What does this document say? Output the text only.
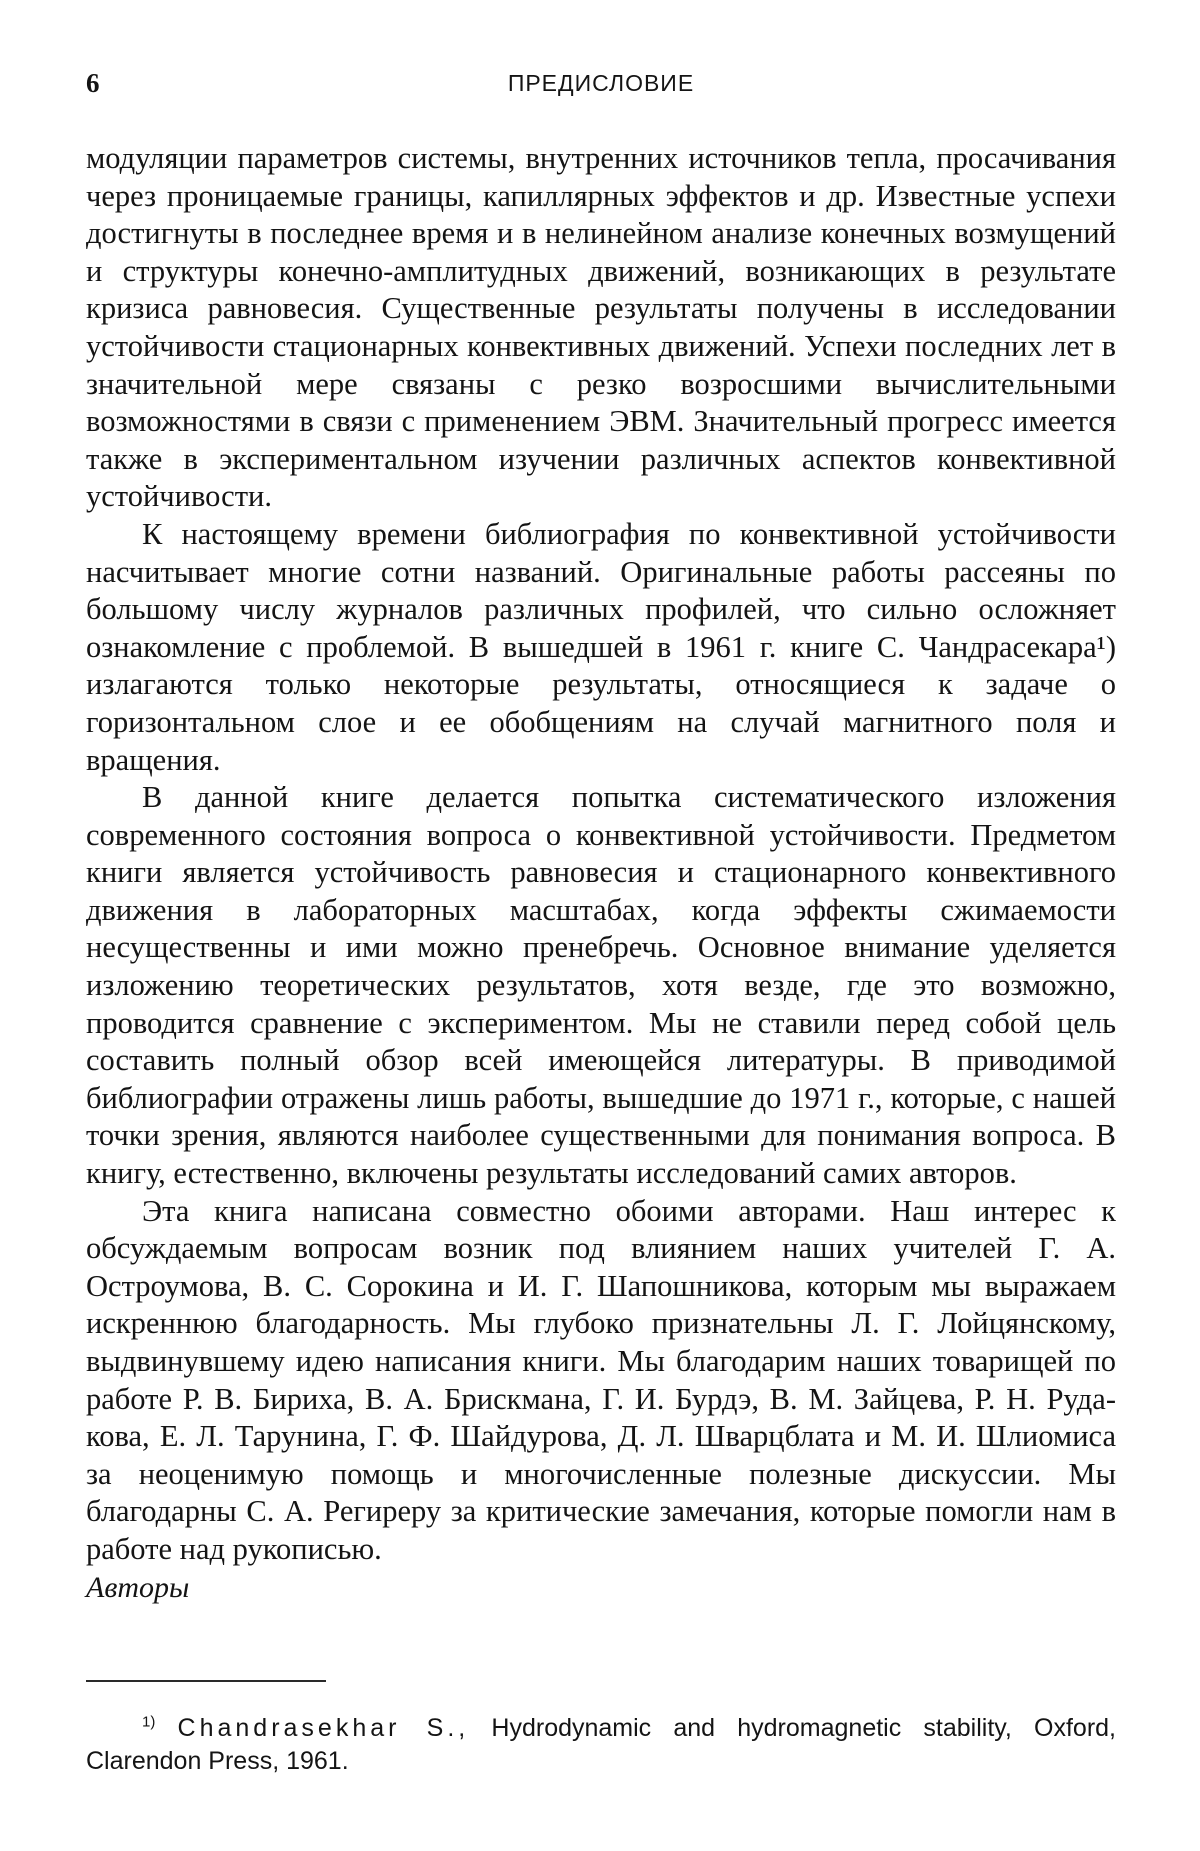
6	ПРЕДИСЛОВИЕ

модуляции параметров системы, внутренних источников тепла, просачивания через проницаемые границы, капиллярных эффектов и др. Известные успехи достигнуты в последнее время и в нелинейном анализе конечных возмущений и структуры конечно-амплитудных движений, возникающих в результате кризиса равновесия. Существенные результаты получены в исследовании устойчивости стационарных конвективных движений. Успехи последних лет в значительной мере связаны с резко возросшими вычислительными возможностями в связи с применением ЭВМ. Значительный прогресс имеется также в экспериментальном изучении различных аспектов конвективной устойчивости.

К настоящему времени библиография по конвективной устойчивости насчитывает многие сотни названий. Оригинальные работы рассеяны по большому числу журналов различных профилей, что сильно осложняет ознакомление с проблемой. В вышедшей в 1961 г. книге С. Чандрасекара¹) излагаются только некоторые результаты, относящиеся к задаче о горизонтальном слое и ее обобщениям на случай магнитного поля и вращения.

В данной книге делается попытка систематического изложения современного состояния вопроса о конвективной устойчивости. Предметом книги является устойчивость равновесия и стационарного конвективного движения в лабораторных масштабах, когда эффекты сжимаемости несущественны и ими можно пренебречь. Основное внимание уделяется изложению теоретических результатов, хотя везде, где это возможно, проводится сравнение с экспериментом. Мы не ставили перед собой цель составить полный обзор всей имеющейся литературы. В приводимой библиографии отражены лишь работы, вышедшие до 1971 г., которые, с нашей точки зрения, являются наиболее существенными для понимания вопроса. В книгу, естественно, включены результаты исследований самих авторов.

Эта книга написана совместно обоими авторами. Наш интерес к обсуждаемым вопросам возник под влиянием наших учителей Г. А. Остроумова, В. С. Сорокина и И. Г. Шапошникова, которым мы выражаем искреннюю благодарность. Мы глубоко признательны Л. Г. Лойцянскому, выдвинувшему идею написания книги. Мы благодарим наших товарищей по работе Р. В. Бириха, В. А. Брискмана, Г. И. Бурдэ, В. М. Зайцева, Р. Н. Рудакова, Е. Л. Тарунина, Г. Ф. Шайдурова, Д. Л. Шварцблата и М. И. Шлиомиса за неоценимую помощь и многочисленные полезные дискуссии. Мы благодарны С. А. Региреру за критические замечания, которые помогли нам в работе над рукописью.

Авторы

$^{1)}$ Chandrasekhar S., Hydrodynamic and hydromagnetic stability, Oxford, Clarendon Press, 1961.
